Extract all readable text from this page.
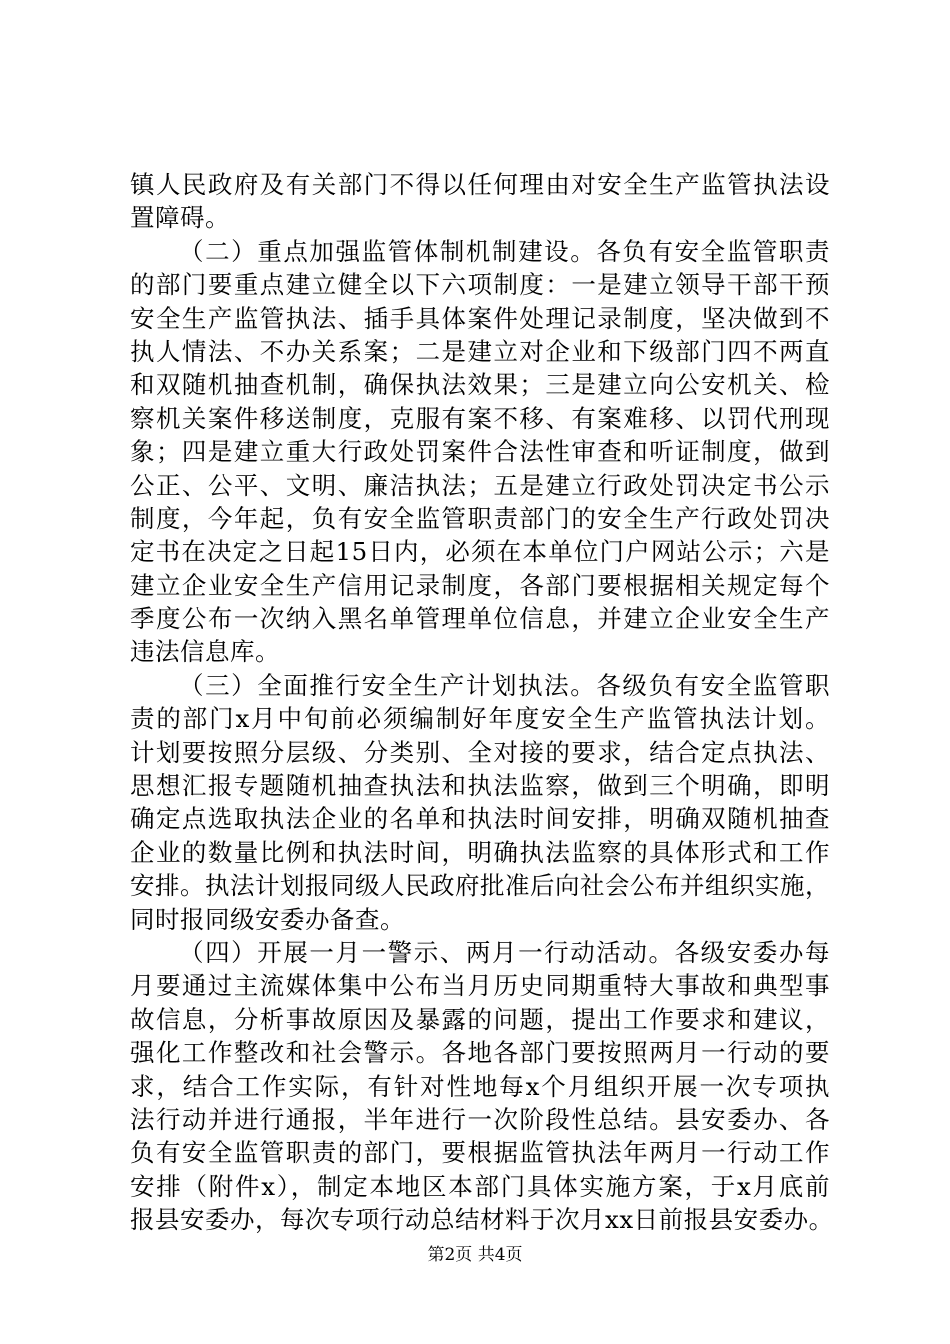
镇人民政府及有关部门不得以任何理由对安全生产监管执法设
置障碍。
（二）重点加强监管体制机制建设。各负有安全监管职责
的部门要重点建立健全以下六项制度：一是建立领导干部干预
安全生产监管执法、插手具体案件处理记录制度，坚决做到不
执人情法、不办关系案；二是建立对企业和下级部门四不两直
和双随机抽查机制，确保执法效果；三是建立向公安机关、检
察机关案件移送制度，克服有案不移、有案难移、以罚代刑现
象；四是建立重大行政处罚案件合法性审查和听证制度，做到
公正、公平、文明、廉洁执法；五是建立行政处罚决定书公示
制度，今年起，负有安全监管职责部门的安全生产行政处罚决
定书在决定之日起15日内，必须在本单位门户网站公示；六是
建立企业安全生产信用记录制度，各部门要根据相关规定每个
季度公布一次纳入黑名单管理单位信息，并建立企业安全生产
违法信息库。
（三）全面推行安全生产计划执法。各级负有安全监管职
责的部门x月中旬前必须编制好年度安全生产监管执法计划。
计划要按照分层级、分类别、全对接的要求，结合定点执法、
思想汇报专题随机抽查执法和执法监察，做到三个明确，即明
确定点选取执法企业的名单和执法时间安排，明确双随机抽查
企业的数量比例和执法时间，明确执法监察的具体形式和工作
安排。执法计划报同级人民政府批准后向社会公布并组织实施，
同时报同级安委办备查。
（四）开展一月一警示、两月一行动活动。各级安委办每
月要通过主流媒体集中公布当月历史同期重特大事故和典型事
故信息，分析事故原因及暴露的问题，提出工作要求和建议，
强化工作整改和社会警示。各地各部门要按照两月一行动的要
求，结合工作实际，有针对性地每x个月组织开展一次专项执
法行动并进行通报，半年进行一次阶段性总结。县安委办、各
负有安全监管职责的部门，要根据监管执法年两月一行动工作
安排（附件x），制定本地区本部门具体实施方案，于x月底前
报县安委办，每次专项行动总结材料于次月xx日前报县安委办。
第2页 共4页
